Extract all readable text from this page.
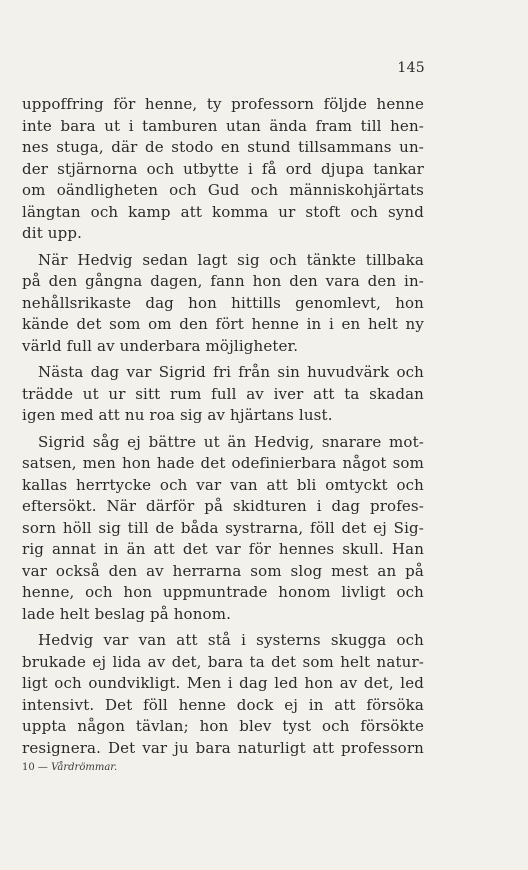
145

uppoffring för henne, ty professorn följde henne
inte bara ut i tamburen utan ända fram till hen-
nes stuga, där de stodo en stund tillsammans un-
der stjärnorna och utbytte i få ord djupa tankar
om oändligheten och Gud och människohjärtats
längtan och kamp att komma ur stoft och synd
dit upp.

När Hedvig sedan lagt sig och tänkte tillbaka
på den gångna dagen, fann hon den vara den in-
nehållsrikaste dag hon hittills genomlevt, hon
kände det som om den fört henne in i en helt ny
värld full av underbara möjligheter.

Nästa dag var Sigrid fri från sin huvudvärk och
trädde ut ur sitt rum full av iver att ta skadan
igen med att nu roa sig av hjärtans lust.

Sigrid såg ej bättre ut än Hedvig, snarare mot-
satsen, men hon hade det odefinierbara något som
kallas herrtycke och var van att bli omtyckt och
eftersökt. När därför på skidturen i dag profes-
sorn höll sig till de båda systrarna, föll det ej Sig-
rig annat in än att det var för hennes skull. Han
var också den av herrarna som slog mest an på
henne, och hon uppmuntrade honom livligt och
lade helt beslag på honom.

Hedvig var van att stå i systerns skugga och
brukade ej lida av det, bara ta det som helt natur-
ligt och oundvikligt. Men i dag led hon av det, led
intensivt. Det föll henne dock ej in att försöka
uppta någon tävlan; hon blev tyst och försökte
resignera. Det var ju bara naturligt att professorn

10 — Vårdrömmar.
